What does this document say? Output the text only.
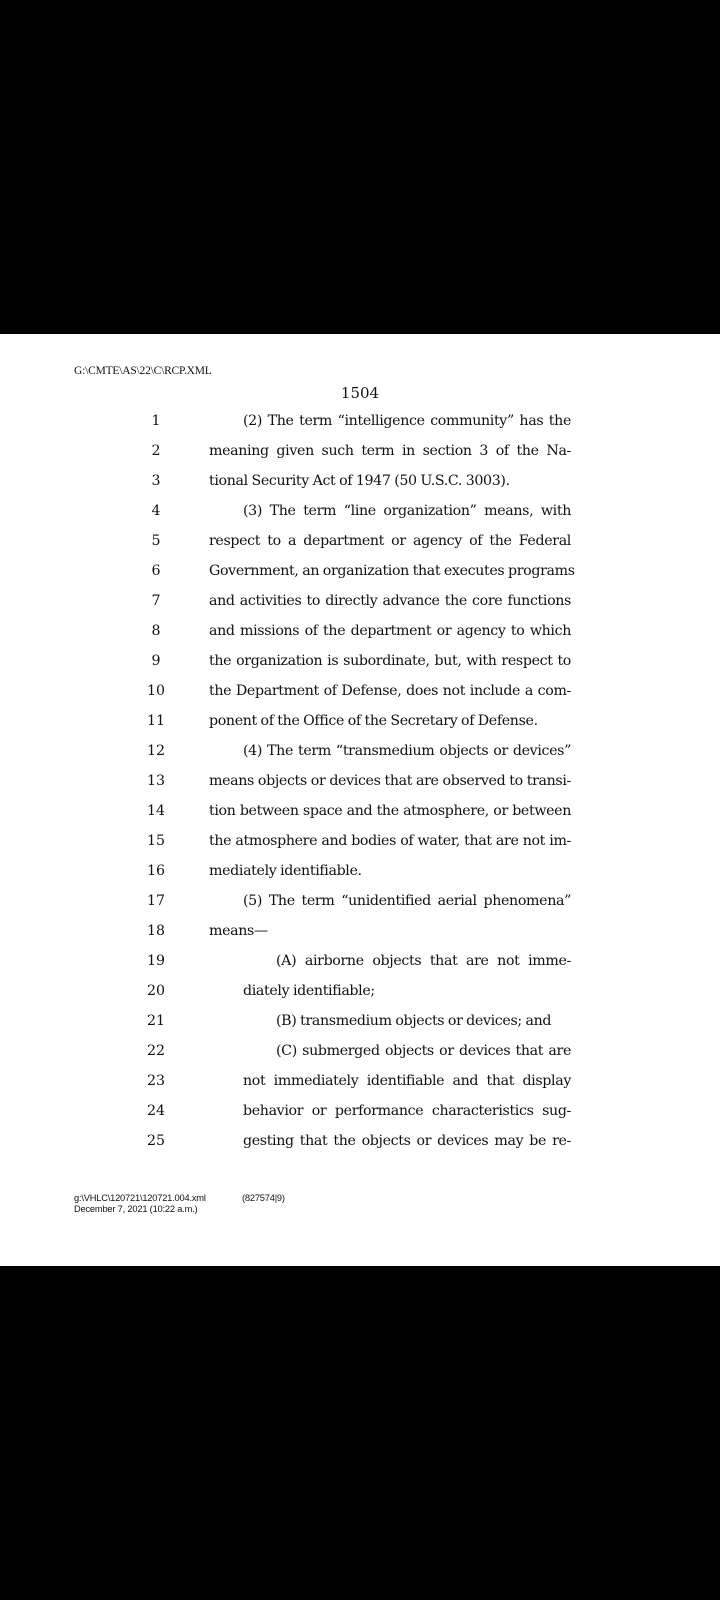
G:\CMTE\AS\22\C\RCP.XML
1504
1	(2) The term “intelligence community” has the
2	meaning given such term in section 3 of the Na-
3	tional Security Act of 1947 (50 U.S.C. 3003).
4	(3) The term “line organization” means, with
5	respect to a department or agency of the Federal
6	Government, an organization that executes programs
7	and activities to directly advance the core functions
8	and missions of the department or agency to which
9	the organization is subordinate, but, with respect to
10	the Department of Defense, does not include a com-
11	ponent of the Office of the Secretary of Defense.
12	(4) The term “transmedium objects or devices”
13	means objects or devices that are observed to transi-
14	tion between space and the atmosphere, or between
15	the atmosphere and bodies of water, that are not im-
16	mediately identifiable.
17	(5) The term “unidentified aerial phenomena”
18	means—
19	(A) airborne objects that are not imme-
20	diately identifiable;
21	(B) transmedium objects or devices; and
22	(C) submerged objects or devices that are
23	not immediately identifiable and that display
24	behavior or performance characteristics sug-
25	gesting that the objects or devices may be re-
g:\VHLC\120721\120721.004.xml	(827574|9)
December 7, 2021 (10:22 a.m.)
